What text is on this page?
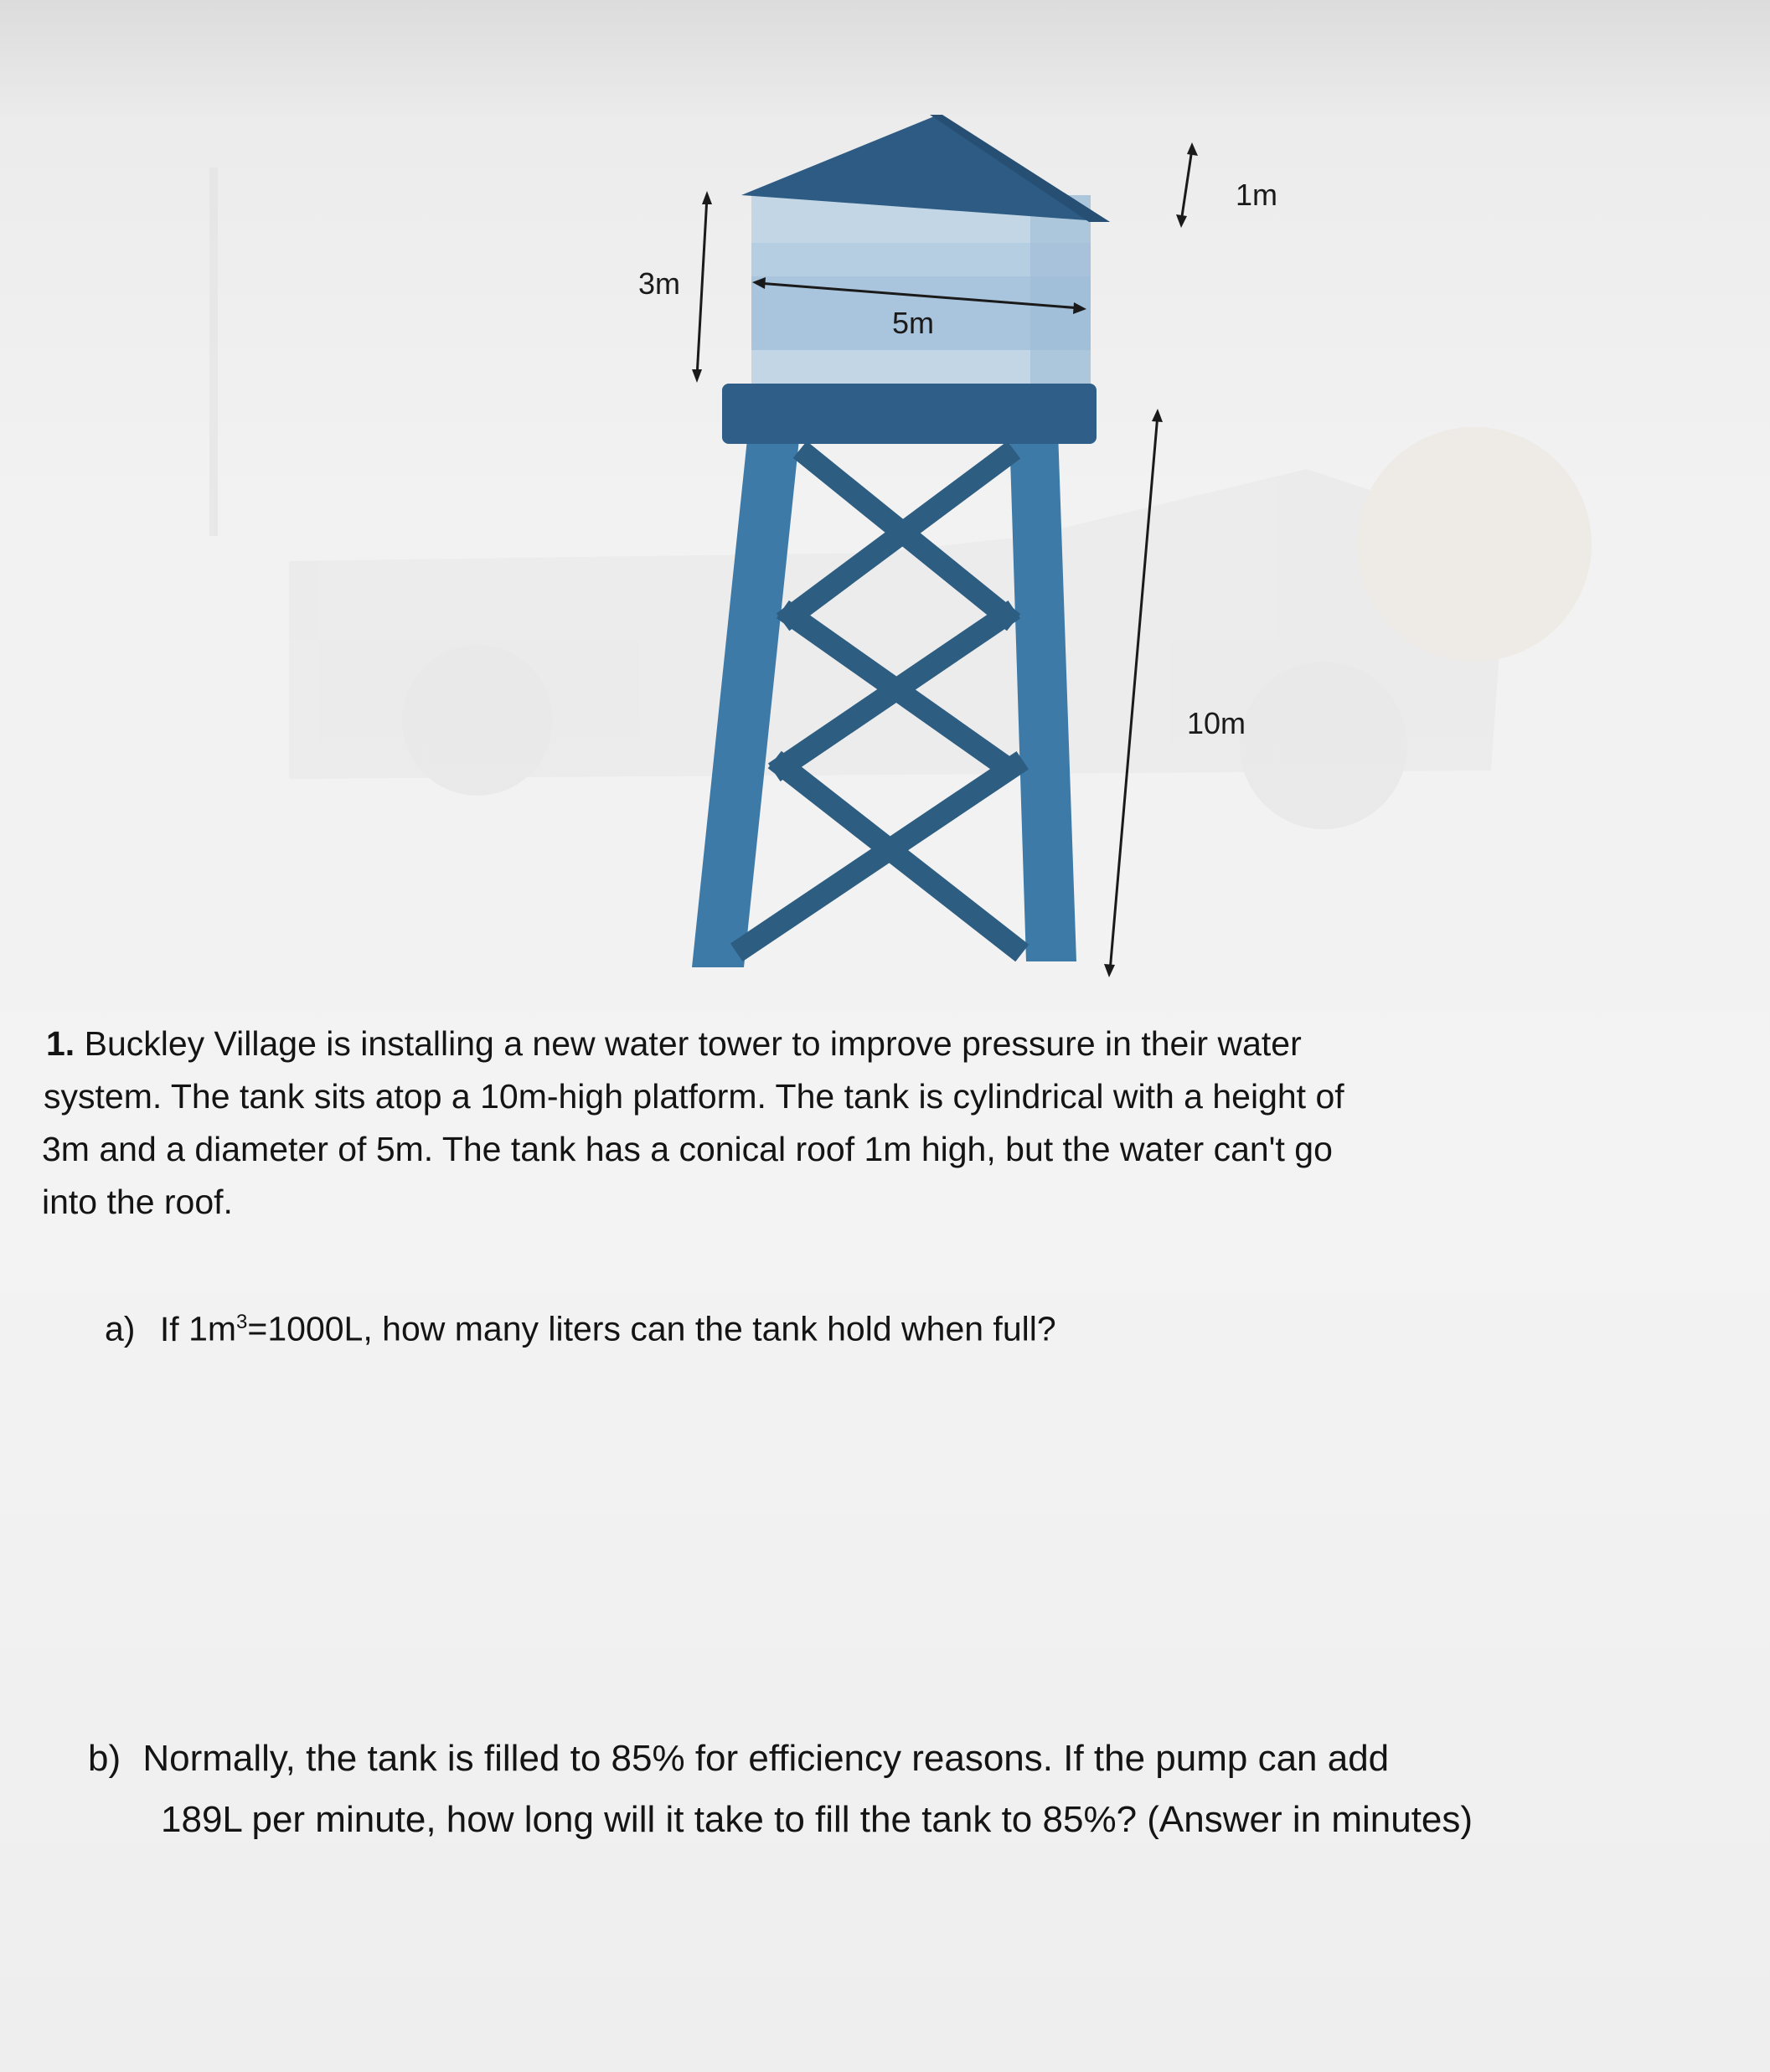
1m
3m
5m
10m
1. Buckley Village is installing a new water tower to improve pressure in their water
system. The tank sits atop a 10m-high platform. The tank is cylindrical with a height of
3m and a diameter of 5m. The tank has a conical roof 1m high, but the water can't go
into the roof.
a) If $1m^3=1000L$, how many liters can the tank hold when full?
b) Normally, the tank is filled to 85% for efficiency reasons. If the pump can add
189L per minute, how long will it take to fill the tank to 85%? (Answer in minutes)
